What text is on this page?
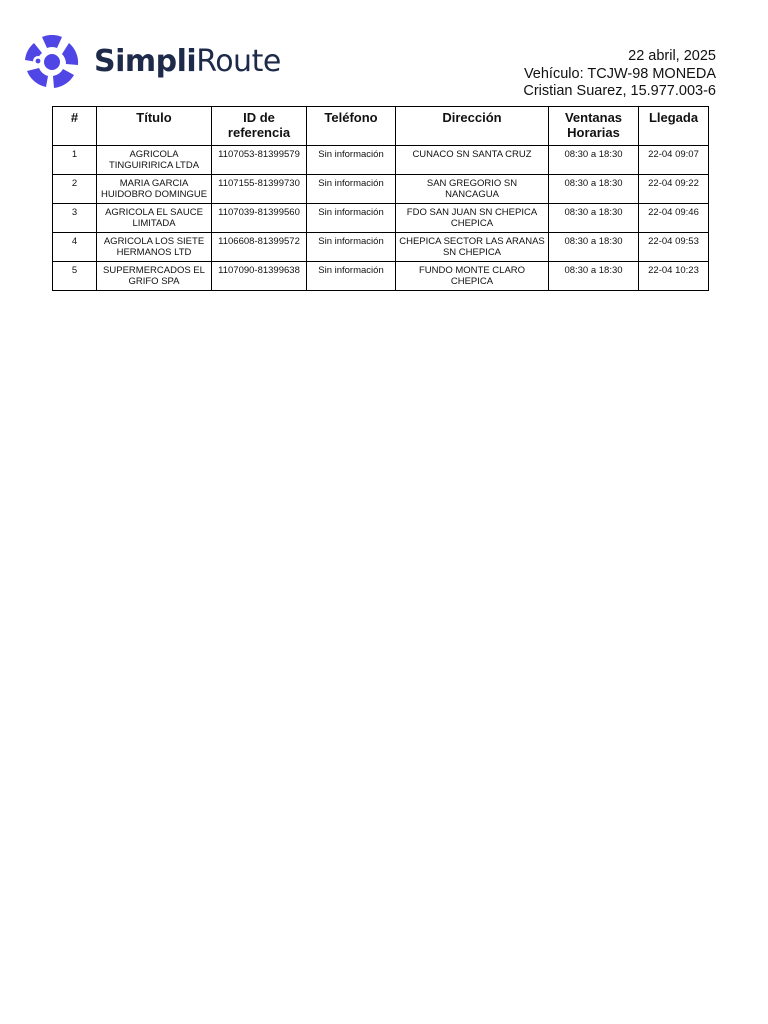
SimpliRoute	22 abril, 2025
Vehículo: TCJW-98 MONEDA
Cristian Suarez, 15.977.003-6
#	Título	ID de referencia	Teléfono	Dirección	Ventanas Horarias	Llegada
1	AGRICOLA TINGUIRIRICA LTDA	1107053-81399579	Sin información	CUNACO SN SANTA CRUZ	08:30 a 18:30	22-04 09:07
2	MARIA GARCIA HUIDOBRO DOMINGUE	1107155-81399730	Sin información	SAN GREGORIO SN NANCAGUA	08:30 a 18:30	22-04 09:22
3	AGRICOLA EL SAUCE LIMITADA	1107039-81399560	Sin información	FDO SAN JUAN SN CHEPICA CHEPICA	08:30 a 18:30	22-04 09:46
4	AGRICOLA LOS SIETE HERMANOS LTD	1106608-81399572	Sin información	CHEPICA SECTOR LAS ARANAS SN CHEPICA	08:30 a 18:30	22-04 09:53
5	SUPERMERCADOS EL GRIFO SPA	1107090-81399638	Sin información	FUNDO MONTE CLARO CHEPICA	08:30 a 18:30	22-04 10:23
